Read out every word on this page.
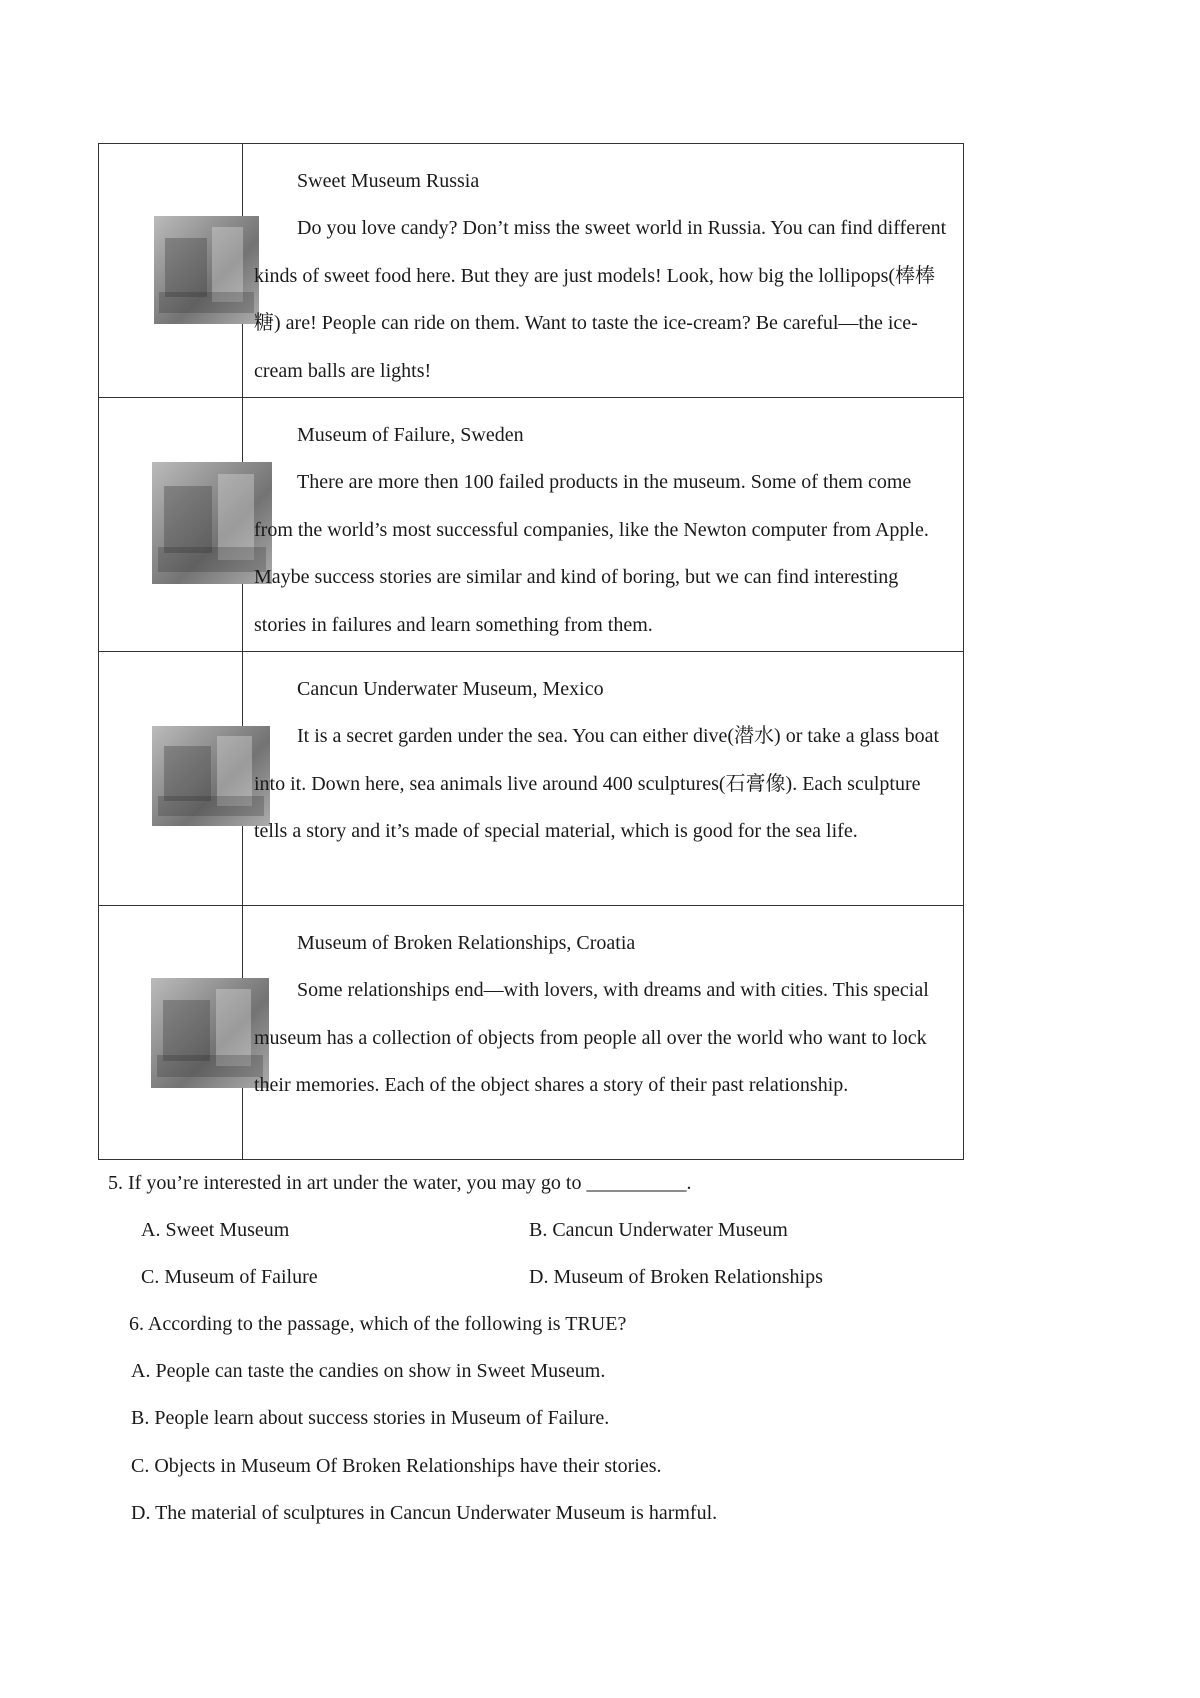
	Sweet Museum Russia
Do you love candy? Don’t miss the sweet world in Russia. You can find different kinds of sweet food here. But they are just models! Look, how big the lollipops(棒棒糖) are! People can ride on them. Want to taste the ice-cream? Be careful—the ice-cream balls are lights!

	Museum of Failure, Sweden
There are more then 100 failed products in the museum. Some of them come from the world’s most successful companies, like the Newton computer from Apple. Maybe success stories are similar and kind of boring, but we can find interesting stories in failures and learn something from them.

	Cancun Underwater Museum, Mexico
It is a secret garden under the sea. You can either dive(潜水) or take a glass boat into it. Down here, sea animals live around 400 sculptures(石膏像). Each sculpture tells a story and it’s made of special material, which is good for the sea life.

	Museum of Broken Relationships, Croatia
Some relationships end—with lovers, with dreams and with cities. This special museum has a collection of objects from people all over the world who want to lock their memories. Each of the object shares a story of their past relationship.
5. If you’re interested in art under the water, you may go to __________.
A. Sweet Museum	B. Cancun Underwater Museum
C. Museum of Failure	D. Museum of Broken Relationships
6. According to the passage, which of the following is TRUE?
A. People can taste the candies on show in Sweet Museum.
B. People learn about success stories in Museum of Failure.
C. Objects in Museum Of Broken Relationships have their stories.
D. The material of sculptures in Cancun Underwater Museum is harmful.
